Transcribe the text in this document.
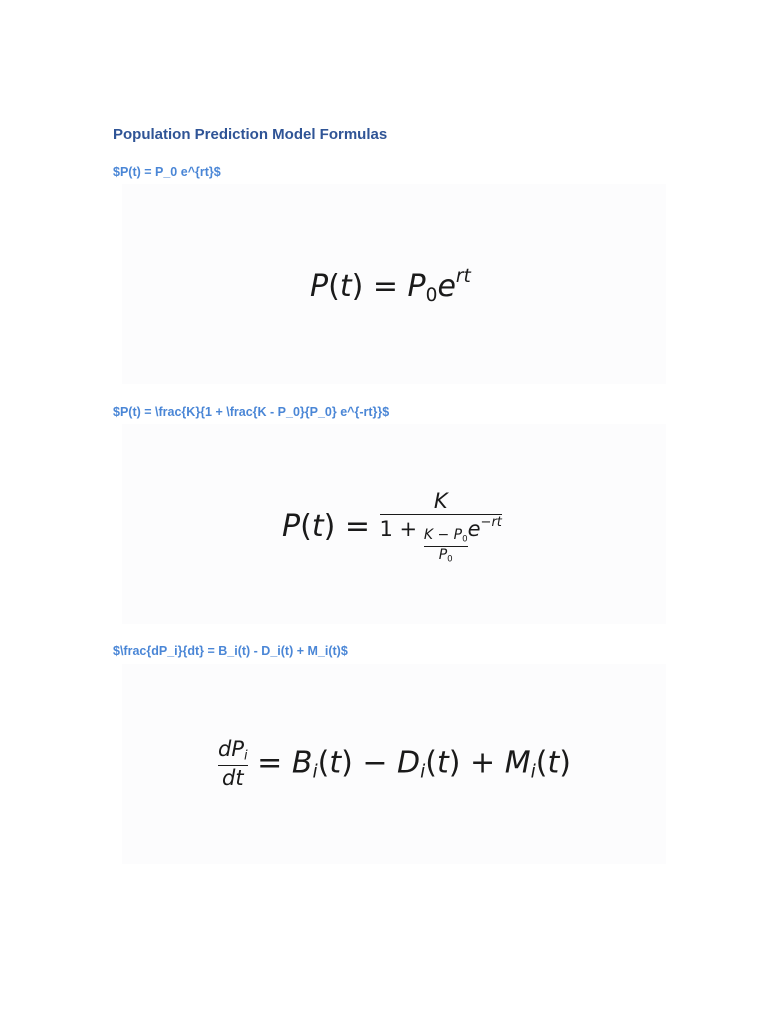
Population Prediction Model Formulas
$P(t) = P_0 e^{rt}$
$P(t) = P_0e^{rt}$
$P(t) = \frac{K}{1 + \frac{K - P_0}{P_0} e^{-rt}}$
P(t) =
K
$1 + \frac{K - P_0}{P_0} e^{-rt}$
$\frac{dP_i}{dt} = B_i(t) - D_i(t) + M_i(t)$
$\frac{dP_i}{dt} = B_i(t) - D_i(t) + M_i(t)$
